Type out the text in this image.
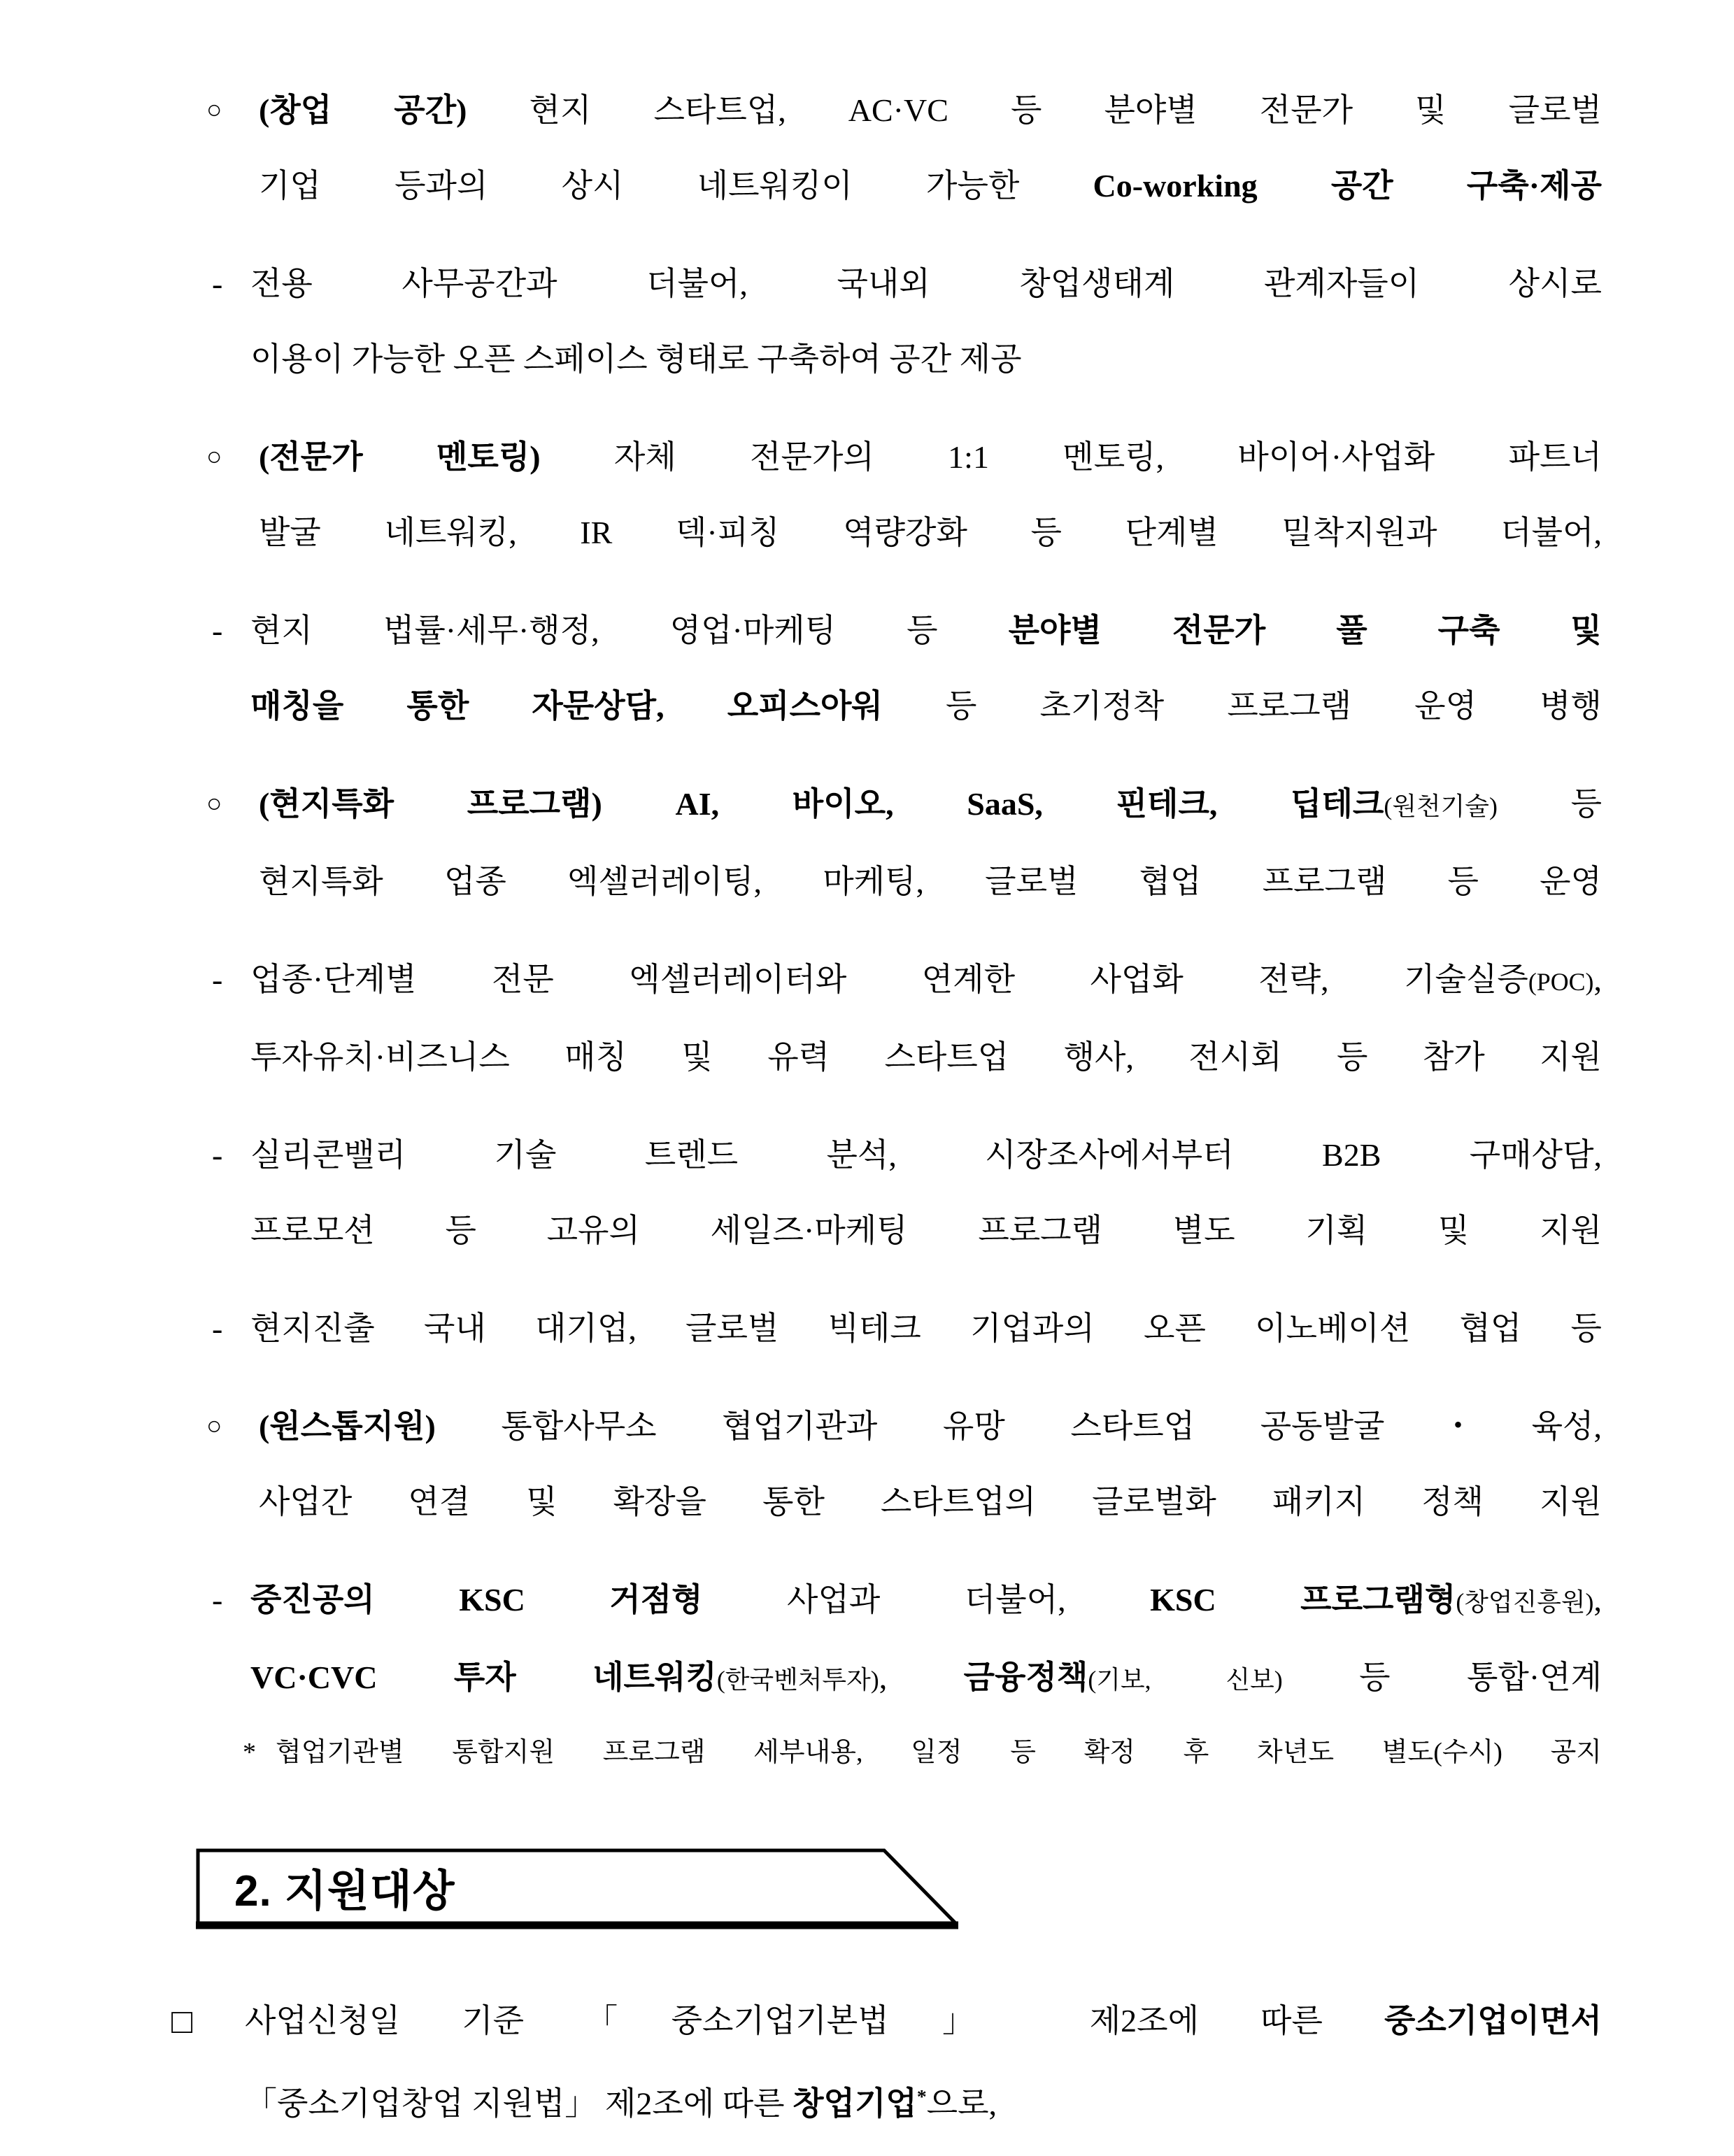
○ (창업 공간) 현지 스타트업, AC·VC 등 분야별 전문가 및 글로벌
기업 등과의 상시 네트워킹이 가능한 Co-working 공간 구축·제공
- 전용 사무공간과 더불어, 국내외 창업생태계 관계자들이 상시로
이용이 가능한 오픈 스페이스 형태로 구축하여 공간 제공
○ (전문가 멘토링) 자체 전문가의 1:1 멘토링, 바이어·사업화 파트너
발굴 네트워킹, IR 덱·피칭 역량강화 등 단계별 밀착지원과 더불어,
- 현지 법률·세무·행정, 영업·마케팅 등 분야별 전문가 풀 구축 및
매칭을 통한 자문상담, 오피스아워 등 초기정착 프로그램 운영 병행
○ (현지특화 프로그램) AI, 바이오, SaaS, 핀테크, 딥테크(원천기술) 등
현지특화 업종 엑셀러레이팅, 마케팅, 글로벌 협업 프로그램 등 운영
- 업종·단계별 전문 엑셀러레이터와 연계한 사업화 전략, 기술실증(POC),
투자유치·비즈니스 매칭 및 유력 스타트업 행사, 전시회 등 참가 지원
- 실리콘밸리 기술 트렌드 분석, 시장조사에서부터 B2B 구매상담,
프로모션 등 고유의 세일즈·마케팅 프로그램 별도 기획 및 지원
- 현지진출 국내 대기업, 글로벌 빅테크 기업과의 오픈 이노베이션 협업 등
○ (원스톱지원) 통합사무소 협업기관과 유망 스타트업 공동발굴・육성,
사업간 연결 및 확장을 통한 스타트업의 글로벌화 패키지 정책 지원
- 중진공의 KSC 거점형 사업과 더불어, KSC 프로그램형(창업진흥원),
VC·CVC 투자 네트워킹(한국벤처투자), 금융정책(기보, 신보) 등 통합·연계
* 협업기관별 통합지원 프로그램 세부내용, 일정 등 확정 후 차년도 별도(수시) 공지
2. 지원대상
□ 사업신청일 기준 「중소기업기본법」 제2조에 따른 중소기업이면서
「중소기업창업 지원법」 제2조에 따른 창업기업*으로,
